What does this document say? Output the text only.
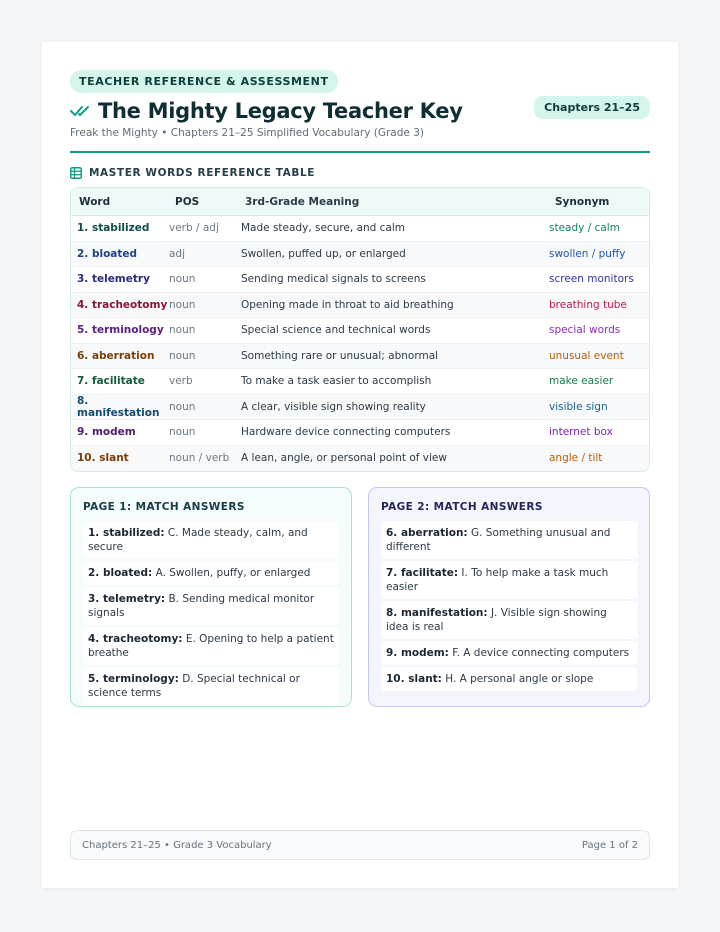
TEACHER REFERENCE & ASSESSMENT
The Mighty Legacy Teacher Key	Chapters 21–25
Freak the Mighty • Chapters 21–25 Simplified Vocabulary (Grade 3)
MASTER WORDS REFERENCE TABLE
Word	POS	3rd-Grade Meaning	Synonym
1. stabilized	verb / adj	Made steady, secure, and calm	steady / calm
2. bloated	adj	Swollen, puffed up, or enlarged	swollen / puffy
3. telemetry	noun	Sending medical signals to screens	screen monitors
4. tracheotomy noun	Opening made in throat to aid breathing	breathing tube
5. terminology noun	Special science and technical words	special words
6. aberration	noun	Something rare or unusual; abnormal	unusual event
7. facilitate	verb	To make a task easier to accomplish	make easier
8. manifestation noun	A clear, visible sign showing reality	visible sign
9. modem	noun	Hardware device connecting computers	internet box
10. slant	noun / verb	A lean, angle, or personal point of view	angle / tilt
PAGE 1: MATCH ANSWERS
1. stabilized: C. Made steady, calm, and secure
2. bloated: A. Swollen, puffy, or enlarged
3. telemetry: B. Sending medical monitor signals
4. tracheotomy: E. Opening to help a patient breathe
5. terminology: D. Special technical or science terms
PAGE 2: MATCH ANSWERS
6. aberration: G. Something unusual and different
7. facilitate: I. To help make a task much easier
8. manifestation: J. Visible sign showing idea is real
9. modem: F. A device connecting computers
10. slant: H. A personal angle or slope
Chapters 21–25 • Grade 3 Vocabulary	Page 1 of 2
